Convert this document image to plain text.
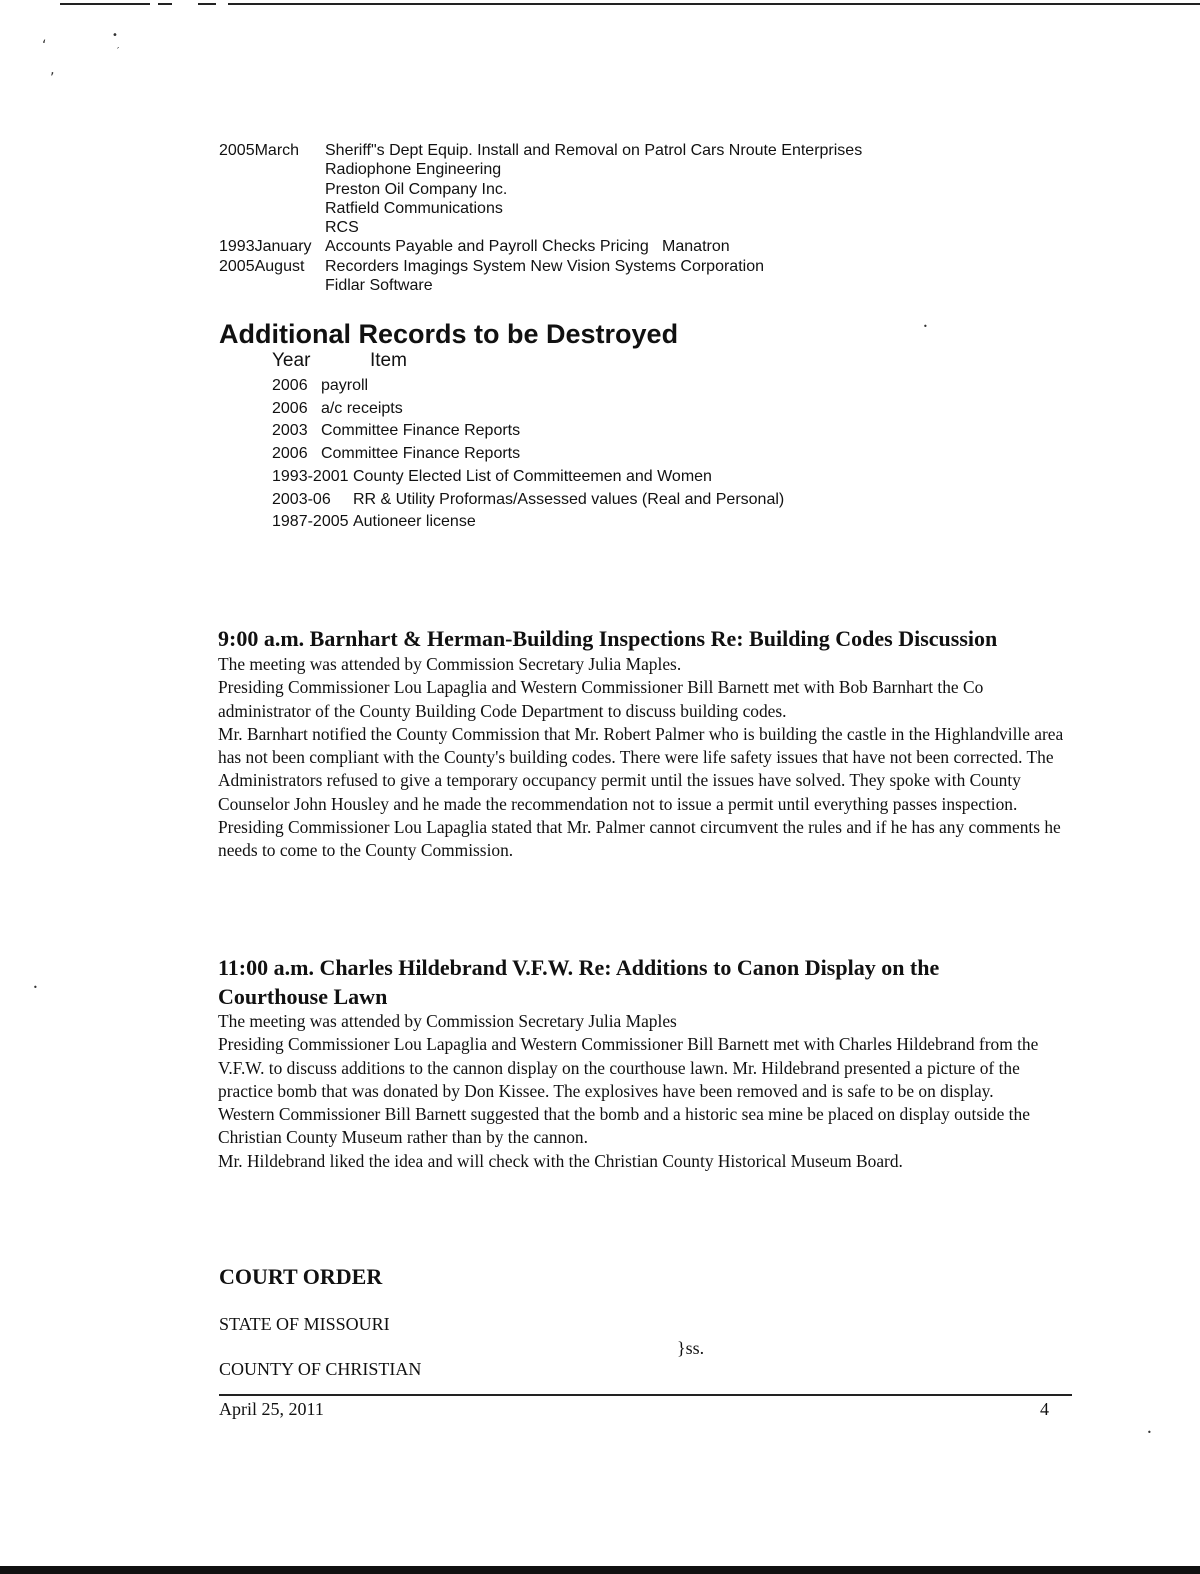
‘
•
′
‚
•
•
•
2005March	Sheriff"s Dept Equip. Install and Removal on Patrol Cars Nroute Enterprises
Radiophone Engineering
Preston Oil Company Inc.
Ratfield Communications
RCS
1993January Accounts Payable and Payroll Checks Pricing   Manatron
2005August	Recorders Imagings System New Vision Systems Corporation
Fidlar Software
Additional Records to be Destroyed
Year	Item
2006 payroll
2006 a/c receipts
2003 Committee Finance Reports
2006 Committee Finance Reports
1993-2001 County Elected List of Committeemen and Women
2003-06 RR & Utility Proformas/Assessed values (Real and Personal)
1987-2005 Autioneer license
9:00 a.m. Barnhart & Herman-Building Inspections Re: Building Codes Discussion

The meeting was attended by Commission Secretary Julia Maples.

Presiding Commissioner Lou Lapaglia and Western Commissioner Bill Barnett met with Bob Barnhart the Co administrator of the County Building Code Department to discuss building codes.

Mr. Barnhart notified the County Commission that Mr. Robert Palmer who is building the castle in the Highlandville area has not been compliant with the County's building codes. There were life safety issues that have not been corrected. The Administrators refused to give a temporary occupancy permit until the issues have solved. They spoke with County Counselor John Housley and he made the recommendation not to issue a permit until everything passes inspection.

Presiding Commissioner Lou Lapaglia stated that Mr. Palmer cannot circumvent the rules and if he has any comments he needs to come to the County Commission.

11:00 a.m. Charles Hildebrand V.F.W. Re: Additions to Canon Display on the Courthouse Lawn

The meeting was attended by Commission Secretary Julia Maples

Presiding Commissioner Lou Lapaglia and Western Commissioner Bill Barnett met with Charles Hildebrand from the V.F.W. to discuss additions to the cannon display on the courthouse lawn. Mr. Hildebrand presented a picture of the practice bomb that was donated by Don Kissee. The explosives have been removed and is safe to be on display.

Western Commissioner Bill Barnett suggested that the bomb and a historic sea mine be placed on display outside the Christian County Museum rather than by the cannon.

Mr. Hildebrand liked the idea and will check with the Christian County Historical Museum Board.

COURT ORDER
STATE OF MISSOURI
}ss.
COUNTY OF CHRISTIAN
April 25, 2011	4
